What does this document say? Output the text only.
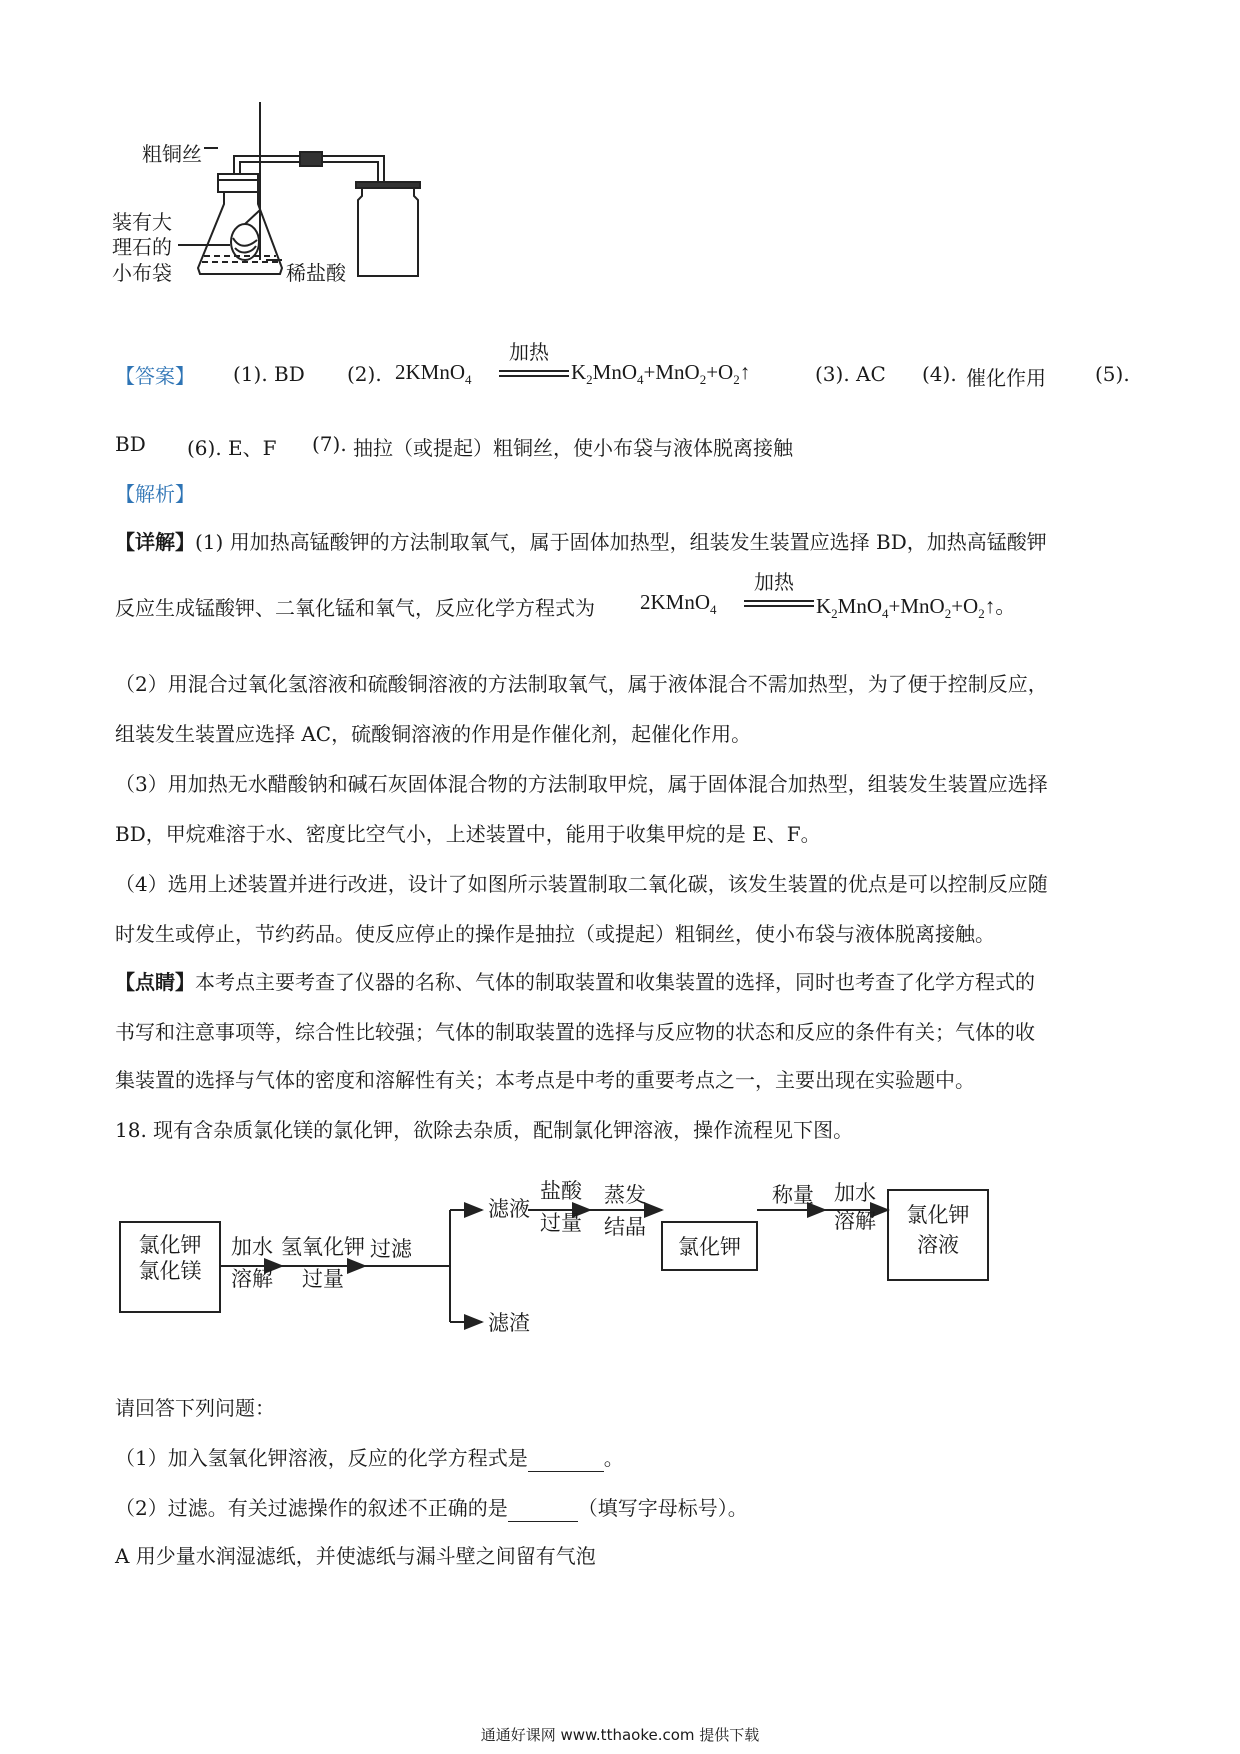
粗铜丝
装有大
理石的
小布袋	稀盐酸
【答案】 (1). BD (2).
加热
2KMnO$_4$	$K_2MnO_4+MnO_2+O_2↑$	(3). AC (4). 催化作用 (5).
BD (6). E、F (7). 抽拉（或提起）粗铜丝，使小布袋与液体脱离接触
【解析】
【详解】(1) 用加热高锰酸钾的方法制取氧气，属于固体加热型，组装发生装置应选择 BD，加热高锰酸钾
反应生成锰酸钾、二氧化锰和氧气，反应化学方程式为
加热
2KMnO$_4$	$K_2MnO_4+MnO_2+O_2↑$。
（2）用混合过氧化氢溶液和硫酸铜溶液的方法制取氧气，属于液体混合不需加热型，为了便于控制反应，
组装发生装置应选择 AC，硫酸铜溶液的作用是作催化剂，起催化作用。
（3）用加热无水醋酸钠和碱石灰固体混合物的方法制取甲烷，属于固体混合加热型，组装发生装置应选择
BD，甲烷难溶于水、密度比空气小，上述装置中，能用于收集甲烷的是 E、F。
（4）选用上述装置并进行改进，设计了如图所示装置制取二氧化碳，该发生装置的优点是可以控制反应随
时发生或停止，节约药品。使反应停止的操作是抽拉（或提起）粗铜丝，使小布袋与液体脱离接触。
【点睛】本考点主要考查了仪器的名称、气体的制取装置和收集装置的选择，同时也考查了化学方程式的
书写和注意事项等，综合性比较强；气体的制取装置的选择与反应物的状态和反应的条件有关；气体的收
集装置的选择与气体的密度和溶解性有关；本考点是中考的重要考点之一，主要出现在实验题中。
18. 现有含杂质氯化镁的氯化钾，欲除去杂质，配制氯化钾溶液，操作流程见下图。
氯化钾
氯化镁
加水
溶解
氢氧化钾
过量
过滤
滤液
滤渣
盐酸
过量
蒸发
结晶
氯化钾
称量 加水
溶解	氯化钾
溶液
请回答下列问题：
（1）加入氢氧化钾溶液，反应的化学方程式是	。
（2）过滤。有关过滤操作的叙述不正确的是	（填写字母标号）。
A 用少量水润湿滤纸，并使滤纸与漏斗壁之间留有气泡
通通好课网 www.tthaoke.com 提供下载
